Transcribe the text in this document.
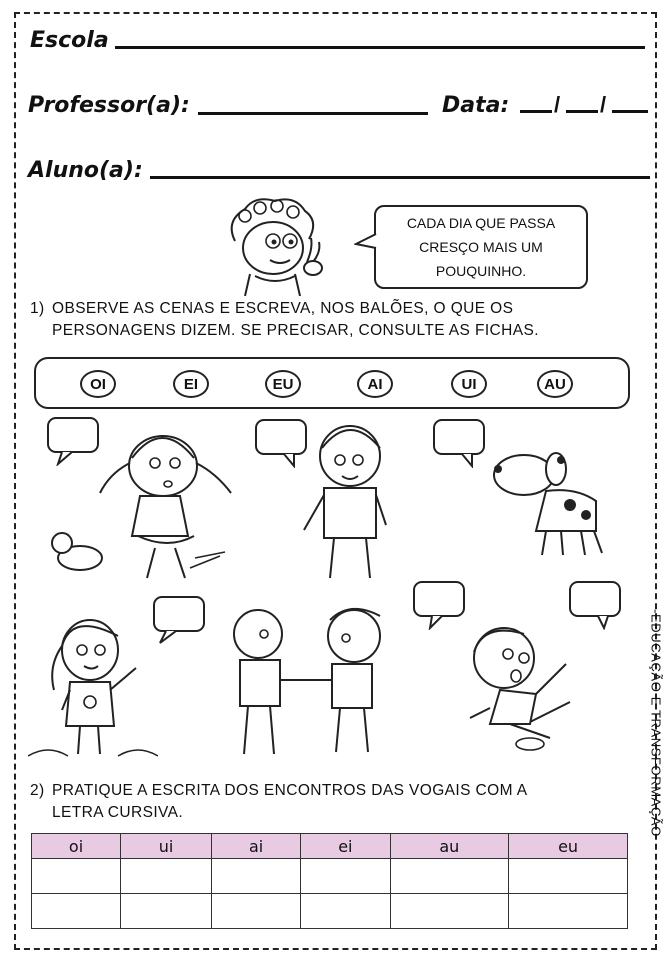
Escola
Professor(a):	Data: / /
Aluno(a):
CADA DIA QUE PASSA
CRESÇO MAIS UM
POUQUINHO.
1) OBSERVE AS CENAS E ESCREVA, NOS BALÕES, O QUE OS
PERSONAGENS DIZEM. SE PRECISAR, CONSULTE AS FICHAS.
OI	EI	EU	AI	UI	AU
2) PRATIQUE A ESCRITA DOS ENCONTROS DAS VOGAIS COM A
LETRA CURSIVA.
oi	ui	ai	ei	au	eu

-EDUCAÇÃO E TRANSFORMAÇÃO
